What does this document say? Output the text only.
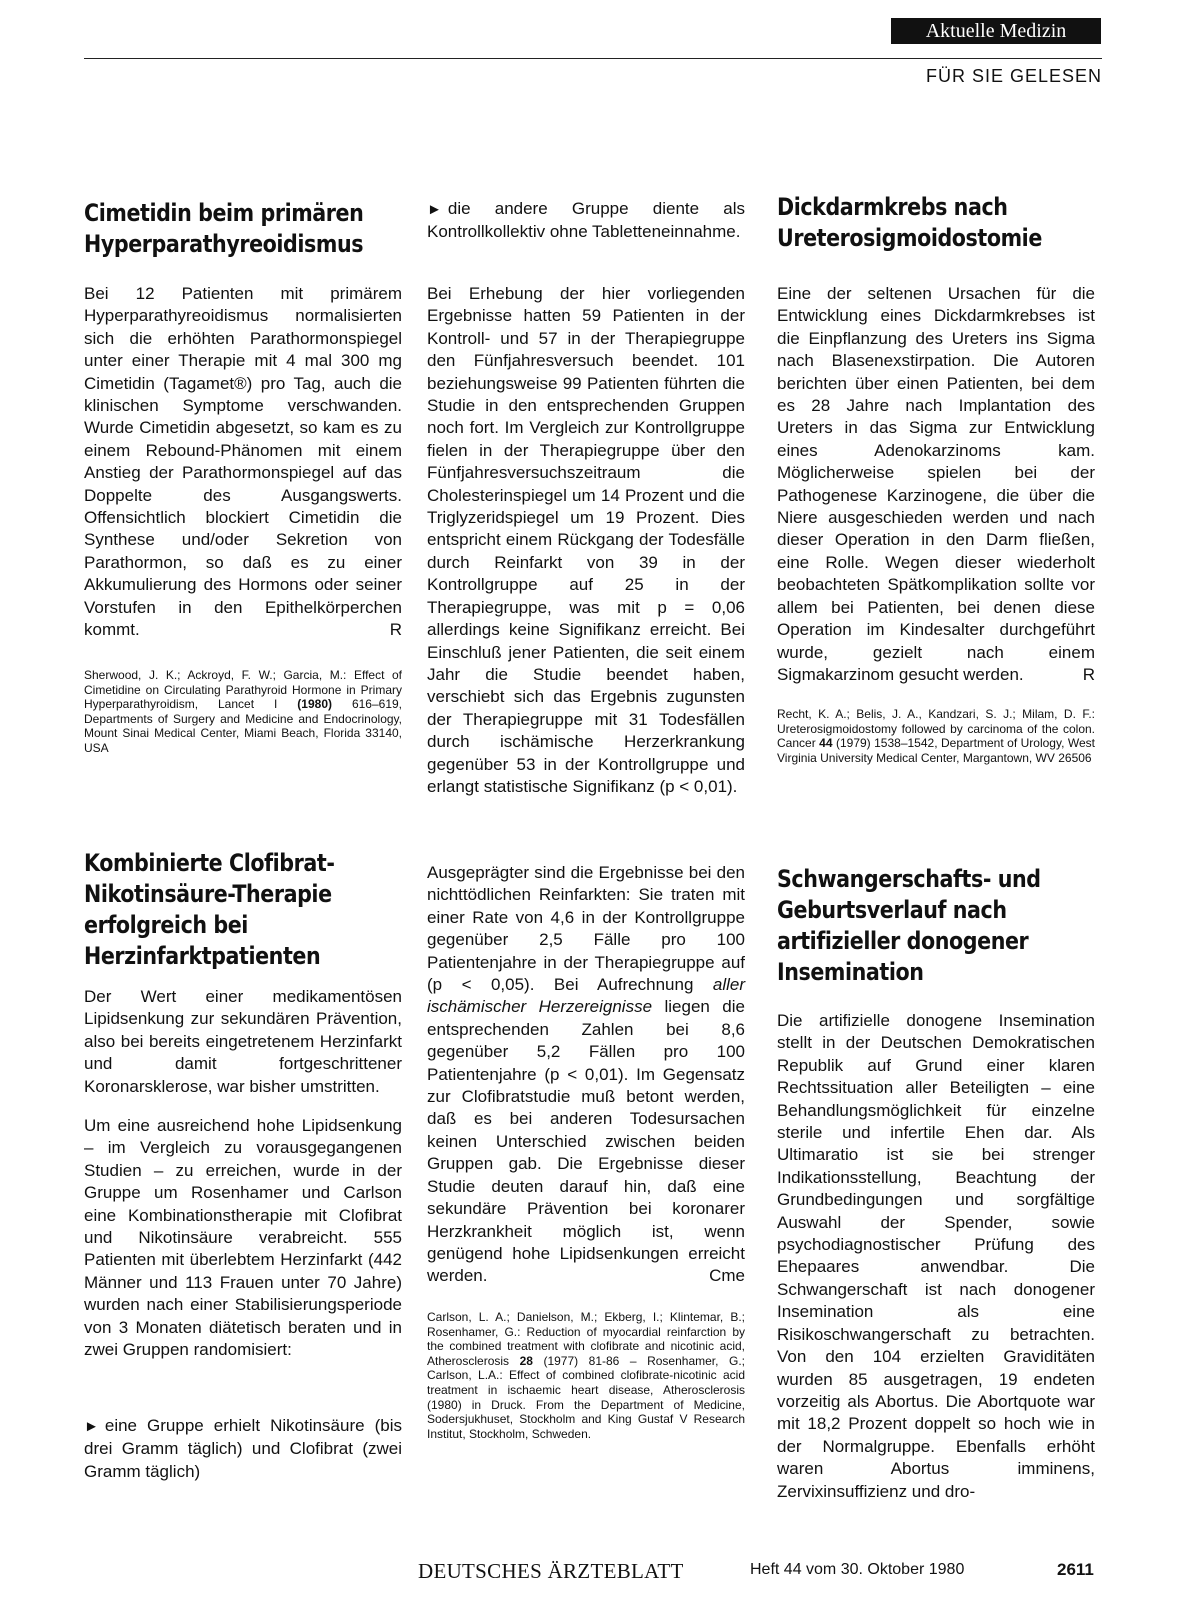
Aktuelle Medizin
FÜR SIE GELESEN
Cimetidin beim primären Hyperparathyreoidismus

Bei 12 Patienten mit primärem Hyperparathyreoidismus normalisierten sich die erhöhten Parathormonspiegel unter einer Therapie mit 4 mal 300 mg Cimetidin (Tagamet®) pro Tag, auch die klinischen Symptome verschwanden. Wurde Cimetidin abgesetzt, so kam es zu einem Rebound-Phänomen mit einem Anstieg der Parathormonspiegel auf das Doppelte des Ausgangswerts. Offensichtlich blockiert Cimetidin die Synthese und/oder Sekretion von Parathormon, so daß es zu einer Akkumulierung des Hormons oder seiner Vorstufen in den Epithelkörperchen kommt.	R

Sherwood, J. K.; Ackroyd, F. W.; Garcia, M.: Effect of Cimetidine on Circulating Parathyroid Hormone in Primary Hyperparathyroidism, Lancet I (1980) 616–619, Departments of Surgery and Medicine and Endocrinology, Mount Sinai Medical Center, Miami Beach, Florida 33140, USA

Kombinierte Clofibrat-Nikotinsäure-Therapie erfolgreich bei Herzinfarktpatienten

Der Wert einer medikamentösen Lipidsenkung zur sekundären Prävention, also bei bereits eingetretenem Herzinfarkt und damit fortgeschrittener Koronarsklerose, war bisher umstritten.

Um eine ausreichend hohe Lipidsenkung – im Vergleich zu vorausgegangenen Studien – zu erreichen, wurde in der Gruppe um Rosenhamer und Carlson eine Kombinationstherapie mit Clofibrat und Nikotinsäure verabreicht. 555 Patienten mit überlebtem Herzinfarkt (442 Männer und 113 Frauen unter 70 Jahre) wurden nach einer Stabilisierungsperiode von 3 Monaten diätetisch beraten und in zwei Gruppen randomisiert:

► eine Gruppe erhielt Nikotinsäure (bis drei Gramm täglich) und Clofibrat (zwei Gramm täglich)

► die andere Gruppe diente als Kontrollkollektiv ohne Tabletteneinnahme.

Bei Erhebung der hier vorliegenden Ergebnisse hatten 59 Patienten in der Kontroll- und 57 in der Therapiegruppe den Fünfjahresversuch beendet. 101 beziehungsweise 99 Patienten führten die Studie in den entsprechenden Gruppen noch fort. Im Vergleich zur Kontrollgruppe fielen in der Therapiegruppe über den Fünfjahresversuchszeitraum die Cholesterinspiegel um 14 Prozent und die Triglyzeridspiegel um 19 Prozent. Dies entspricht einem Rückgang der Todesfälle durch Reinfarkt von 39 in der Kontrollgruppe auf 25 in der Therapiegruppe, was mit p = 0,06 allerdings keine Signifikanz erreicht. Bei Einschluß jener Patienten, die seit einem Jahr die Studie beendet haben, verschiebt sich das Ergebnis zugunsten der Therapiegruppe mit 31 Todesfällen durch ischämische Herzerkrankung gegenüber 53 in der Kontrollgruppe und erlangt statistische Signifikanz (p < 0,01).

Ausgeprägter sind die Ergebnisse bei den nichttödlichen Reinfarkten: Sie traten mit einer Rate von 4,6 in der Kontrollgruppe gegenüber 2,5 Fälle pro 100 Patientenjahre in der Therapiegruppe auf (p < 0,05). Bei Aufrechnung aller ischämischer Herzereignisse liegen die entsprechenden Zahlen bei 8,6 gegenüber 5,2 Fällen pro 100 Patientenjahre (p < 0,01). Im Gegensatz zur Clofibratstudie muß betont werden, daß es bei anderen Todesursachen keinen Unterschied zwischen beiden Gruppen gab. Die Ergebnisse dieser Studie deuten darauf hin, daß eine sekundäre Prävention bei koronarer Herzkrankheit möglich ist, wenn genügend hohe Lipidsenkungen erreicht werden.	Cme

Carlson, L. A.; Danielson, M.; Ekberg, I.; Klintemar, B.; Rosenhamer, G.: Reduction of myocardial reinfarction by the combined treatment with clofibrate and nicotinic acid, Atherosclerosis 28 (1977) 81-86 – Rosenhamer, G.; Carlson, L.A.: Effect of combined clofibrate-nicotinic acid treatment in ischaemic heart disease, Atherosclerosis (1980) in Druck. From the Department of Medicine, Sodersjukhuset, Stockholm and King Gustaf V Research Institut, Stockholm, Schweden.

Dickdarmkrebs nach Ureterosigmoidostomie

Eine der seltenen Ursachen für die Entwicklung eines Dickdarmkrebses ist die Einpflanzung des Ureters ins Sigma nach Blasenexstirpation. Die Autoren berichten über einen Patienten, bei dem es 28 Jahre nach Implantation des Ureters in das Sigma zur Entwicklung eines Adenokarzinoms kam. Möglicherweise spielen bei der Pathogenese Karzinogene, die über die Niere ausgeschieden werden und nach dieser Operation in den Darm fließen, eine Rolle. Wegen dieser wiederholt beobachteten Spätkomplikation sollte vor allem bei Patienten, bei denen diese Operation im Kindesalter durchgeführt wurde, gezielt nach einem Sigmakarzinom gesucht werden.	R

Recht, K. A.; Belis, J. A., Kandzari, S. J.; Milam, D. F.: Ureterosigmoidostomy followed by carcinoma of the colon. Cancer 44 (1979) 1538–1542, Department of Urology, West Virginia University Medical Center, Margantown, WV 26506

Schwangerschafts- und Geburtsverlauf nach artifizieller donogener Insemination

Die artifizielle donogene Insemination stellt in der Deutschen Demokratischen Republik auf Grund einer klaren Rechtssituation aller Beteiligten – eine Behandlungsmöglichkeit für einzelne sterile und infertile Ehen dar. Als Ultimaratio ist sie bei strenger Indikationsstellung, Beachtung der Grundbedingungen und sorgfältige Auswahl der Spender, sowie psychodiagnostischer Prüfung des Ehepaares anwendbar. Die Schwangerschaft ist nach donogener Insemination als eine Risikoschwangerschaft zu betrachten. Von den 104 erzielten Graviditäten wurden 85 ausgetragen, 19 endeten vorzeitig als Abortus. Die Abortquote war mit 18,2 Prozent doppelt so hoch wie in der Normalgruppe. Ebenfalls erhöht waren Abortus imminens, Zervixinsuffizienz und dro-

DEUTSCHES ÄRZTEBLATT	Heft 44 vom 30. Oktober 1980	2611
